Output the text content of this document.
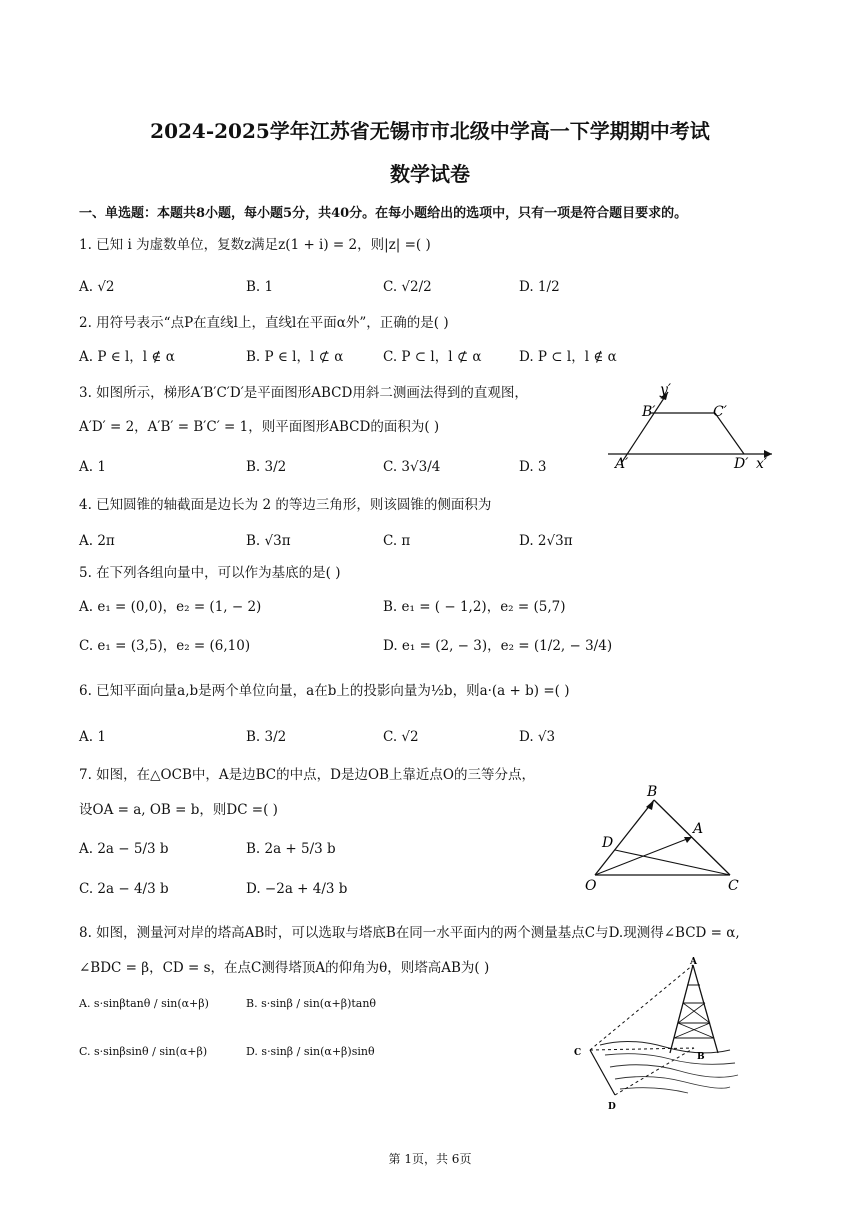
2024-2025学年江苏省无锡市市北级中学高一下学期期中考试
数学试卷
一、单选题：本题共8小题，每小题5分，共40分。在每小题给出的选项中，只有一项是符合题目要求的。
1. 已知 i 为虚数单位，复数z满足z(1 + i) = 2，则|z| =( )
A. √2	B. 1	C. √2/2	D. 1/2
2. 用符号表示“点P在直线l上，直线l在平面α外”，正确的是( )
A. P ∈ l，l ∉ α	B. P ∈ l，l ⊄ α	C. P ⊂ l，l ⊄ α	D. P ⊂ l，l ∉ α
3. 如图所示，梯形A′B′C′D′是平面图形ABCD用斜二测画法得到的直观图，
A′D′ = 2，A′B′ = B′C′ = 1，则平面图形ABCD的面积为( )
A. 1	B. 3/2	C. 3√3/4	D. 3
y′
B′	C′
A′	D′ x′
4. 已知圆锥的轴截面是边长为 2 的等边三角形，则该圆锥的侧面积为
A. 2π	B. √3π	C. π	D. 2√3π
5. 在下列各组向量中，可以作为基底的是( )
A. e₁ = (0,0)，e₂ = (1, − 2)	B. e₁ = ( − 1,2)，e₂ = (5,7)
C. e₁ = (3,5)，e₂ = (6,10)	D. e₁ = (2, − 3)，e₂ = (1/2, − 3/4)
6. 已知平面向量a,b是两个单位向量，a在b上的投影向量为½b，则a·(a + b) =( )
A. 1	B. 3/2	C. √2	D. √3
7. 如图，在△OCB中，A是边BC的中点，D是边OB上靠近点O的三等分点，
设OA = a, OB = b，则DC =( )
A. 2a − 5/3 b	B. 2a + 5/3 b
C. 2a − 4/3 b	D. −2a + 4/3 b
B
A
D
O	C
8. 如图，测量河对岸的塔高AB时，可以选取与塔底B在同一水平面内的两个测量基点C与D.现测得∠BCD = α,
∠BDC = β，CD = s，在点C测得塔顶A的仰角为θ，则塔高AB为( )
A. s·sinβtanθ / sin(α+β)	B. s·sinβ / sin(α+β)tanθ
C. s·sinβsinθ / sin(α+β)	D. s·sinβ / sin(α+β)sinθ
A
C	B
D
第 1页，共 6页
